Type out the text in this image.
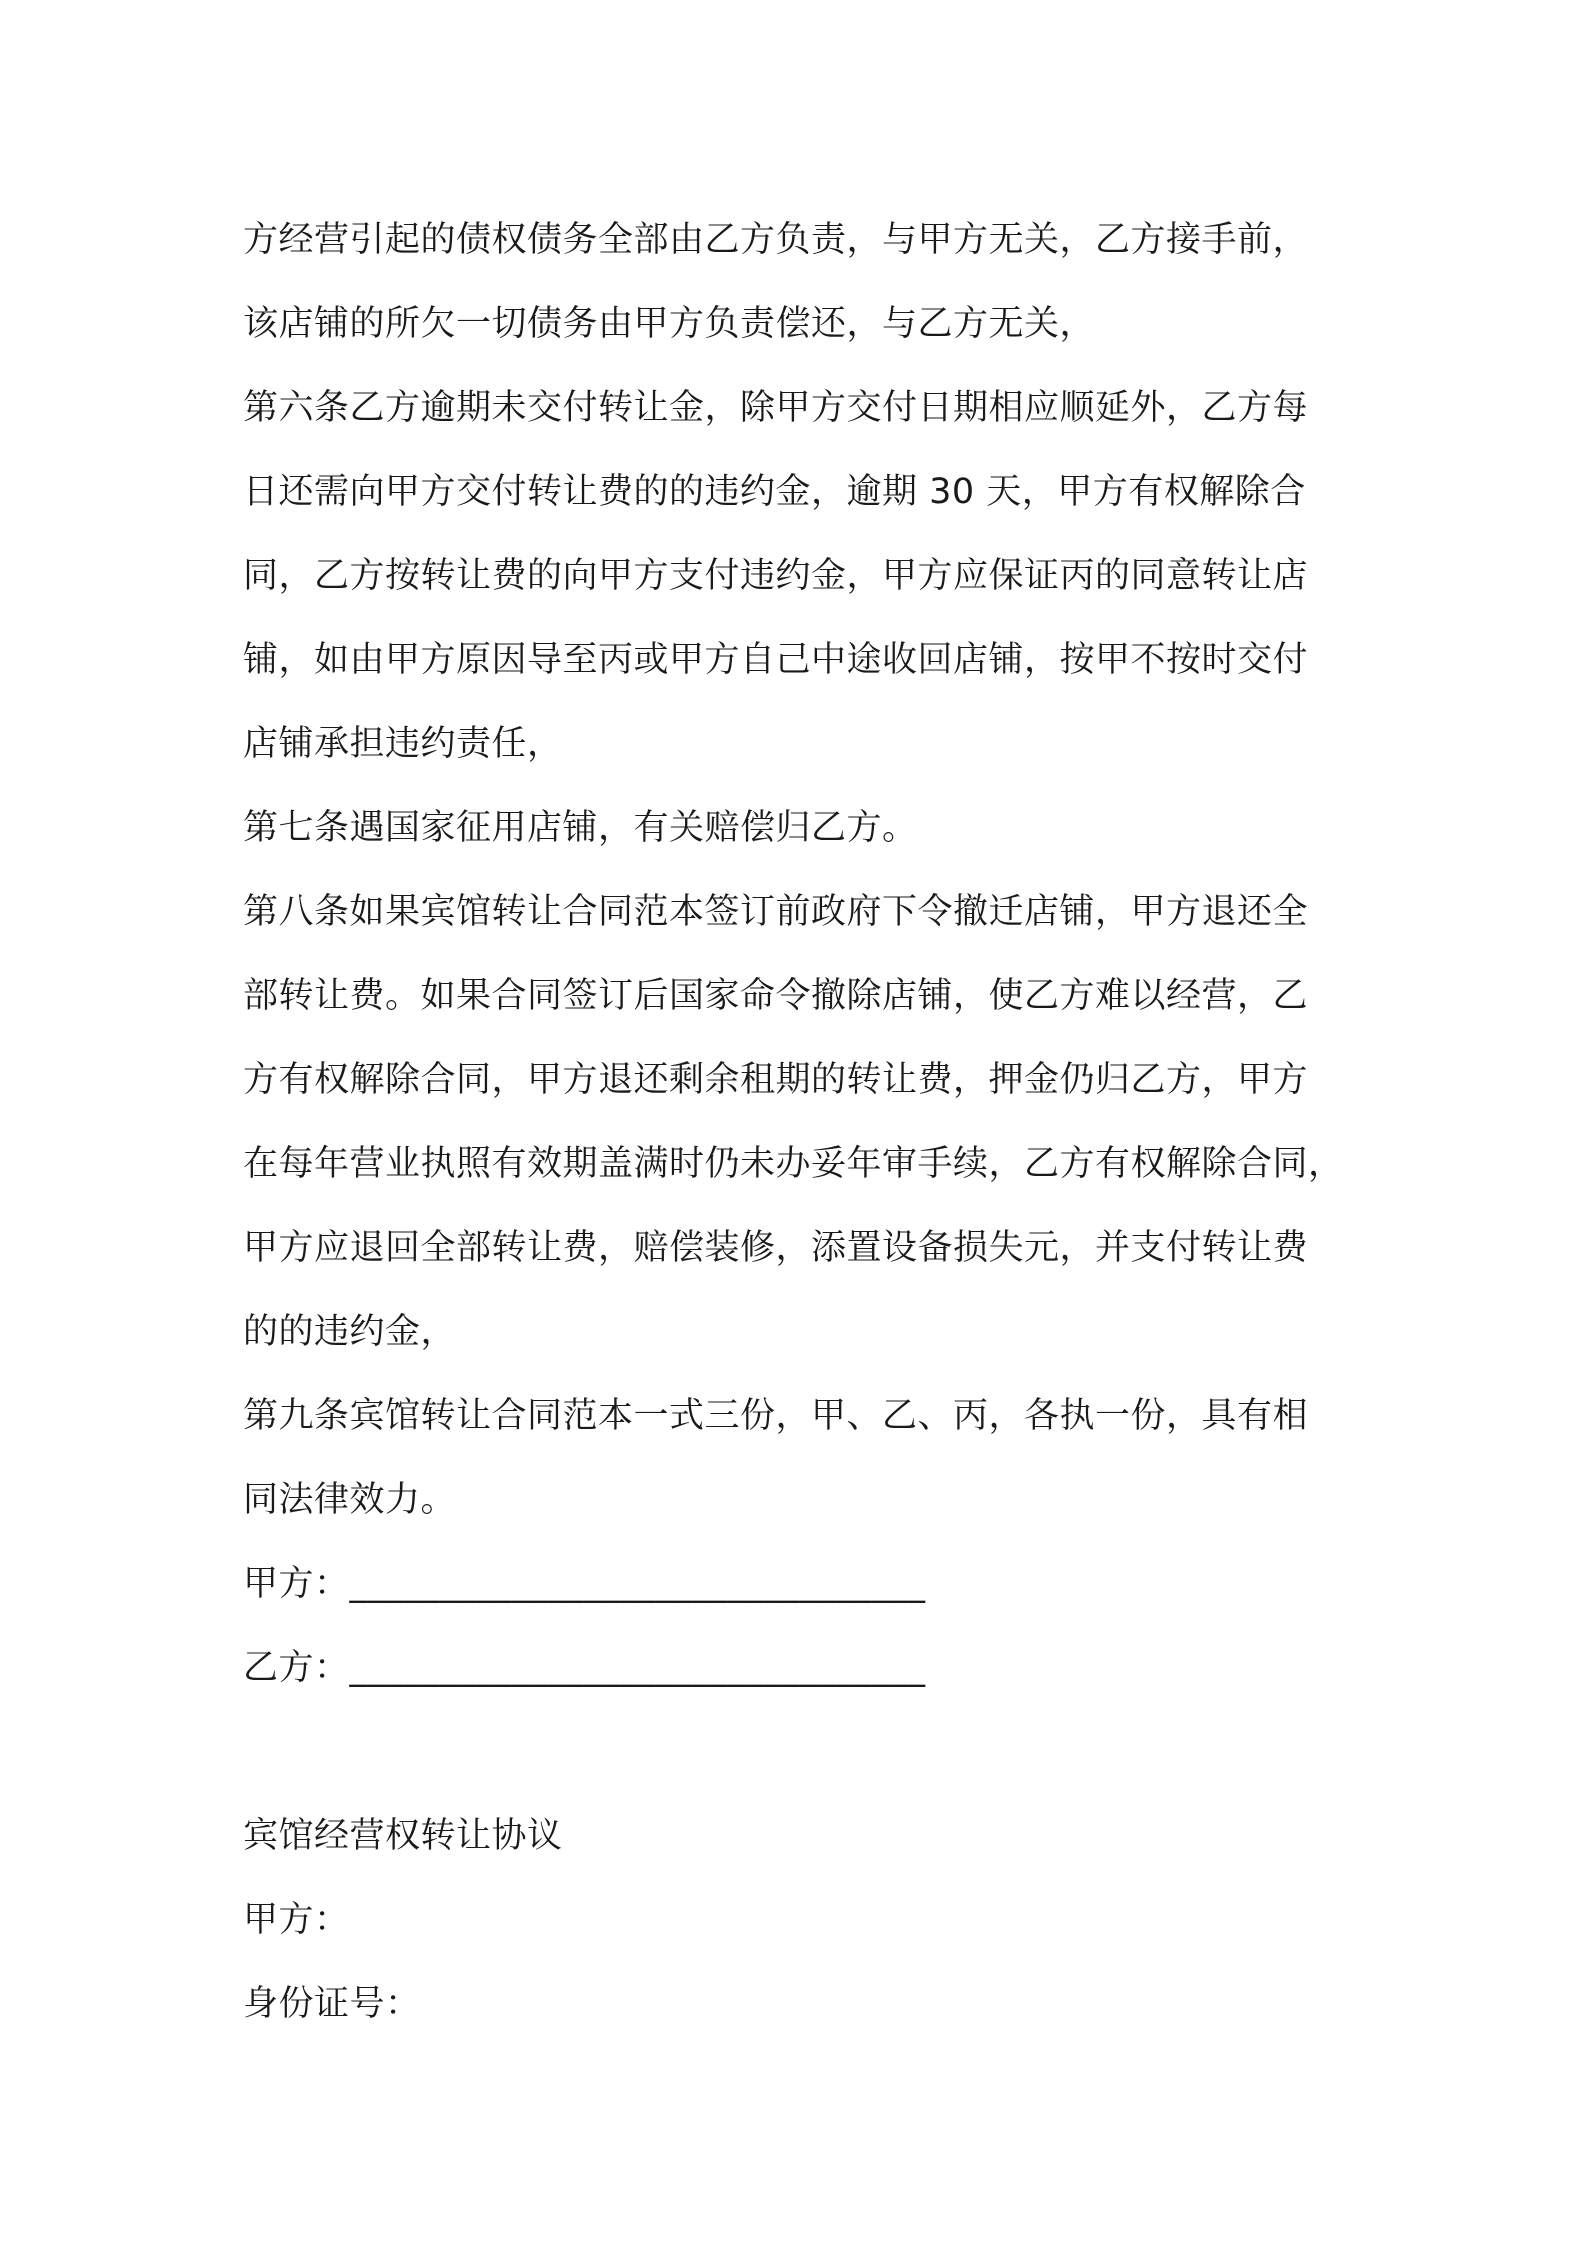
方经营引起的债权债务全部由乙方负责，与甲方无关，乙方接手前，
该店铺的所欠一切债务由甲方负责偿还，与乙方无关，
第六条乙方逾期未交付转让金，除甲方交付日期相应顺延外，乙方每
日还需向甲方交付转让费的的违约金，逾期 30 天，甲方有权解除合
同，乙方按转让费的向甲方支付违约金，甲方应保证丙的同意转让店
铺，如由甲方原因导至丙或甲方自己中途收回店铺，按甲不按时交付
店铺承担违约责任，
第七条遇国家征用店铺，有关赔偿归乙方。
第八条如果宾馆转让合同范本签订前政府下令撤迁店铺，甲方退还全
部转让费。如果合同签订后国家命令撤除店铺，使乙方难以经营，乙
方有权解除合同，甲方退还剩余租期的转让费，押金仍归乙方，甲方
在每年营业执照有效期盖满时仍未办妥年审手续，乙方有权解除合同，
甲方应退回全部转让费，赔偿装修，添置设备损失元，并支付转让费
的的违约金，
第九条宾馆转让合同范本一式三份，甲、乙、丙，各执一份，具有相
同法律效力。
甲方：________________________________
乙方：________________________________
宾馆经营权转让协议
甲方：
身份证号：
